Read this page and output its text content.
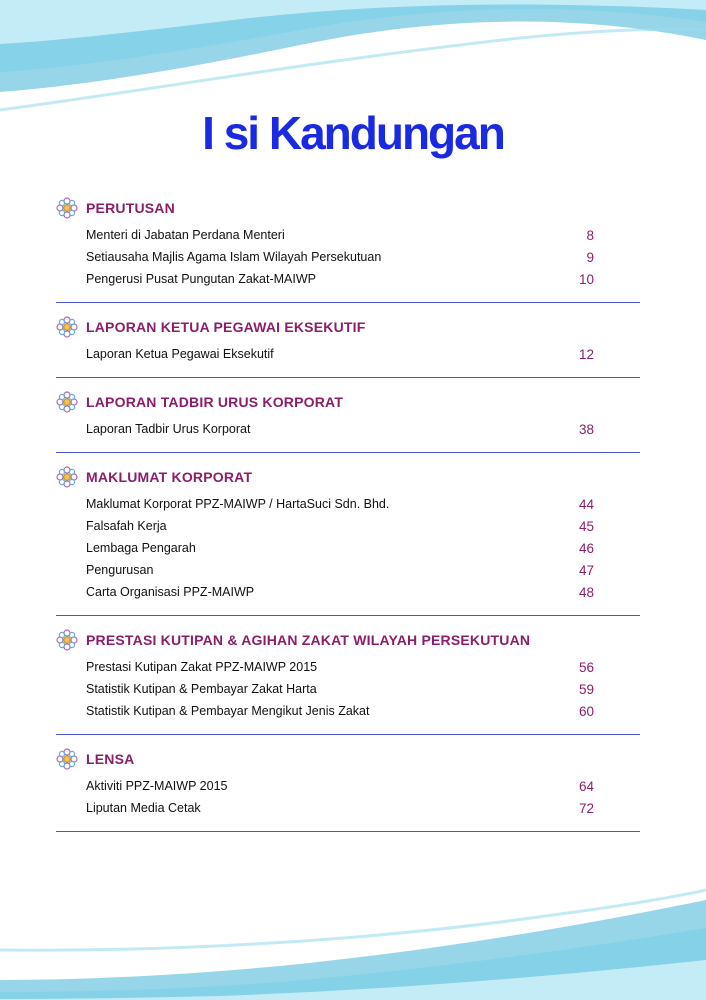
I si Kandungan
PERUTUSAN
Menteri di Jabatan Perdana Menteri	8
Setiausaha Majlis Agama Islam Wilayah Persekutuan	9
Pengerusi Pusat Pungutan Zakat-MAIWP	10
LAPORAN KETUA PEGAWAI EKSEKUTIF
Laporan Ketua Pegawai Eksekutif	12
LAPORAN TADBIR URUS KORPORAT
Laporan Tadbir Urus Korporat	38
MAKLUMAT KORPORAT
Maklumat Korporat PPZ-MAIWP / HartaSuci Sdn. Bhd.	44
Falsafah Kerja	45
Lembaga Pengarah	46
Pengurusan	47
Carta Organisasi PPZ-MAIWP	48
PRESTASI KUTIPAN & AGIHAN ZAKAT WILAYAH PERSEKUTUAN
Prestasi Kutipan Zakat PPZ-MAIWP 2015	56
Statistik Kutipan & Pembayar Zakat Harta	59
Statistik Kutipan & Pembayar Mengikut Jenis Zakat	60
LENSA
Aktiviti PPZ-MAIWP 2015	64
Liputan Media Cetak	72
